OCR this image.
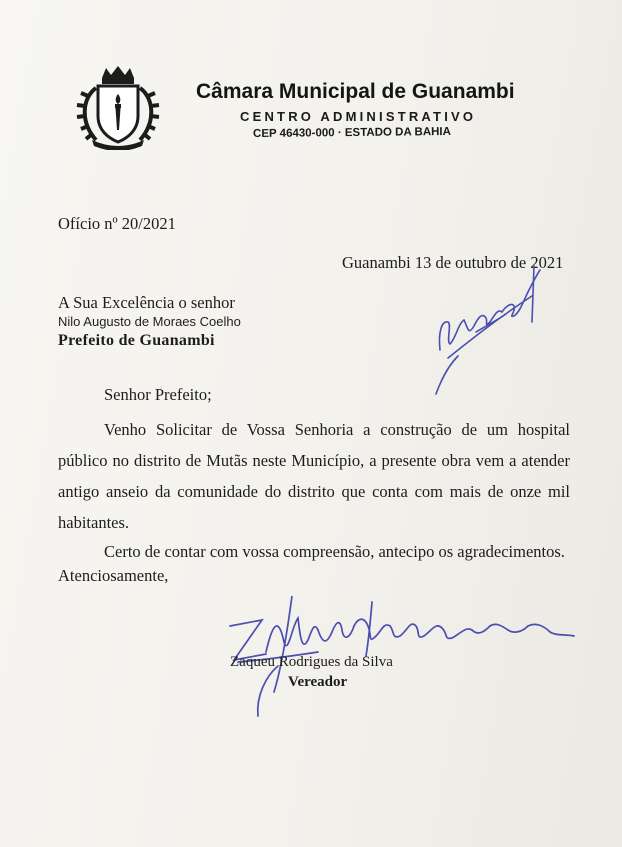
Câmara Municipal de Guanambi
CENTRO ADMINISTRATIVO
CEP 46430-000 · ESTADO DA BAHIA
Ofício nº 20/2021
Guanambi 13 de outubro de 2021
A Sua Excelência o senhor
Nilo Augusto de Moraes Coelho
Prefeito de Guanambi
Senhor Prefeito;
Venho Solicitar de Vossa Senhoria a construção de um hospital público no distrito de Mutãs neste Município, a presente obra vem a atender antigo anseio da comunidade do distrito que conta com mais de onze mil habitantes.
Certo de contar com vossa compreensão, antecipo os agradecimentos.
Atenciosamente,
Zaqueu Rodrigues da Silva
Vereador
